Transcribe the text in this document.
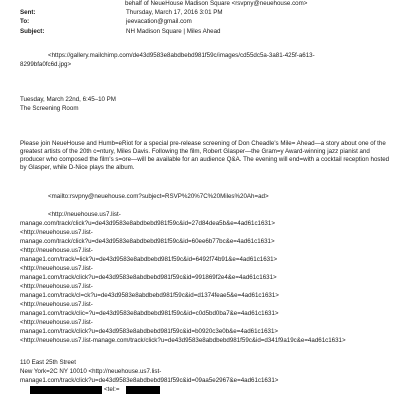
behalf of NeueHouse Madison Square <rsvpny@neuehouse.com>
Sent:	Thursday, March 17, 2016 3:01 PM
To:	jeevacation@gmail.com
Subject:	NH Madison Square | Miles Ahead
<https://gallery.mailchimp.com/de43d9583e8abdbebd981f59c/images/cd55dc5a-3a81-425f-a613-
8299bfa0fc6d.jpg>
Tuesday, March 22nd, 6:45–10 PM
The Screening Room
Please join NeueHouse and Humb=eRiot for a special pre-release screening of Don Cheadle's Mile= Ahead—a story about one of the greatest artists of the 20th c=ntury, Miles Davis. Following the film, Robert Glasper—the Gram=y Award-winning jazz pianist and producer who composed the film's s=ore—will be available for an audience Q&A. The evening will end=with a cocktail reception hosted by Glasper, while D-Nice plays the album.
<mailto:rsvpny@neuehouse.com?subject=RSVP%20%7C%20Miles%20Ah=ad>
<http://neuehouse.us7.list-
manage.com/track/click?u=de43d9583e8abdbebd981f59c&id=27d84dea5b&e=4ad61c1631>
<http://neuehouse.us7.list-
manage.com/track/click?u=de43d9583e8abdbebd981f59c&id=60ee6b77bc&e=4ad61c1631>
<http://neuehouse.us7.list-
manage1.com/track/=lick?u=de43d9583e8abdbebd981f59c&id=6492f74b91&e=4ad61c1631>
<http://neuehouse.us7.list-
manage1.com/track/click?u=de43d9583e8abdbebd981f59c&id=991869f2e4&e=4ad61c1631>
<http://neuehouse.us7.list-
manage1.com/track/cl=ck?u=de43d9583e8abdbebd981f59c&id=d1374feae5&e=4ad61c1631>
<http://neuehouse.us7.list-
manage1.com/track/clic=?u=de43d9583e8abdbebd981f59c&id=c0d5bd0ba7&e=4ad61c1631>
<http://neuehouse.us7.list-
manage1.com/track/click?u=de43d9583e8abdbebd981f59c&id=b0920c3e0b&e=4ad61c1631>
<http://neuehouse.us7.list-manage.com/track/click?u=de43d9583e8abdbebd981f59c&id=d341f9a19c&e=4ad61c1631>
110 East 25th Street
New York=2C NY 10010 <http://neuehouse.us7.list-
manage1.com/track/click?u=de43d9583e8abdbebd981f59c&id=09aa5e2967&e=4ad61c1631>
<tel:=
